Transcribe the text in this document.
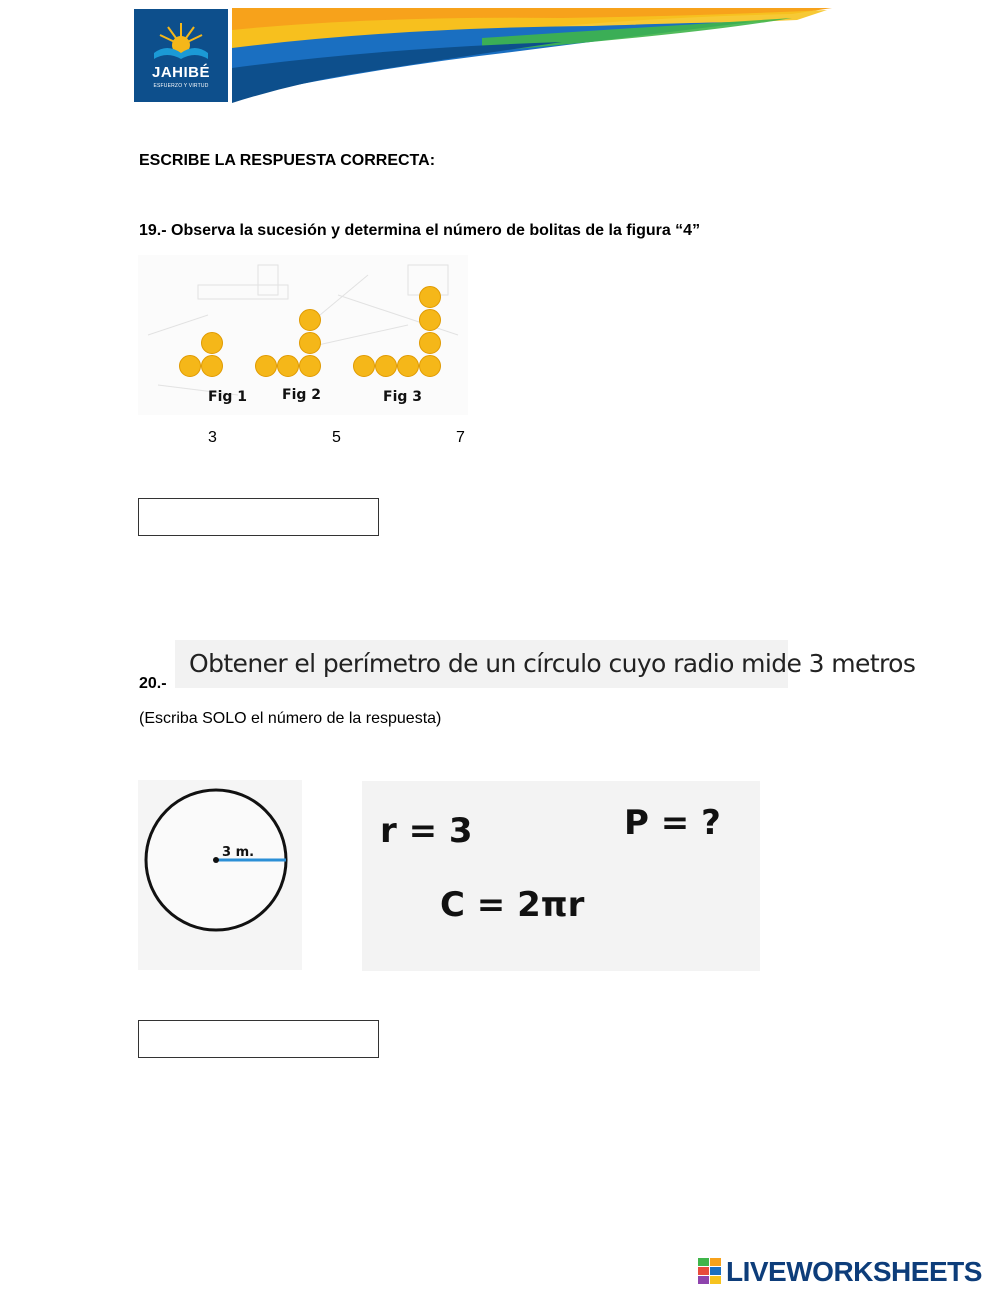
JAHIBÉ
ESFUERZO Y VIRTUD
ESCRIBE LA RESPUESTA CORRECTA:
19.- Observa la sucesión y determina el número de bolitas de la figura “4”
Fig 1	Fig 2	Fig 3
3	5	7
20.-
Obtener el perímetro de un círculo cuyo radio mide 3 metros
(Escriba SOLO el número de la respuesta)
3 m.
r = 3	P = ?
C = 2πr
LIVEWORKSHEETS
